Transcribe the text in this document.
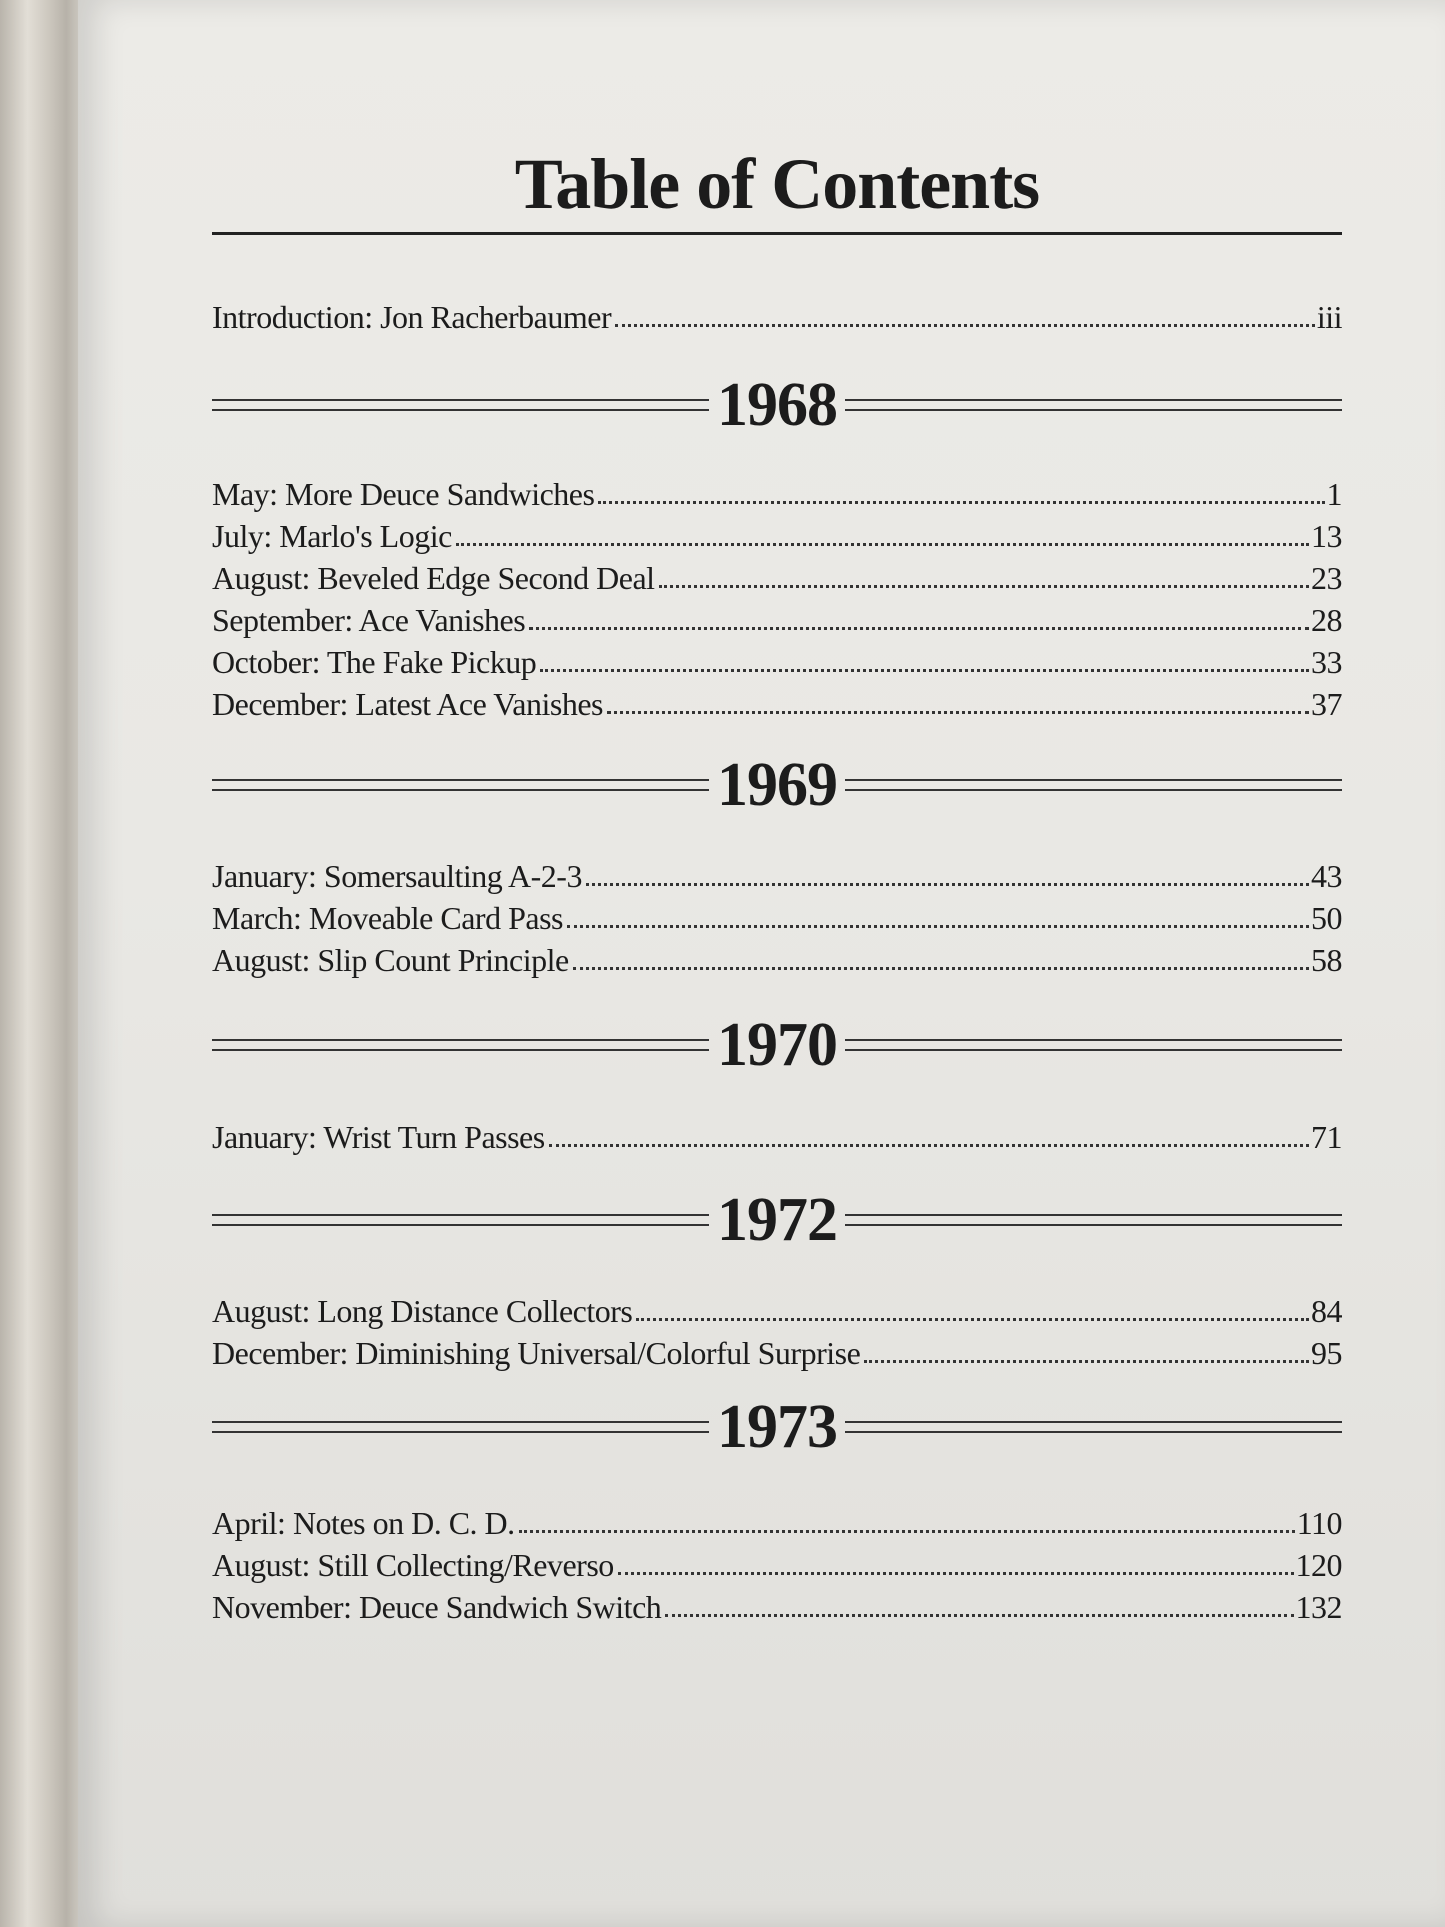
Table of Contents
Introduction: Jon Racherbaumer	iii
1968
May: More Deuce Sandwiches	1
July: Marlo's Logic	13
August: Beveled Edge Second Deal	23
September: Ace Vanishes	28
October: The Fake Pickup	33
December: Latest Ace Vanishes	37
1969
January: Somersaulting A-2-3	43
March: Moveable Card Pass	50
August: Slip Count Principle	58
1970
January: Wrist Turn Passes	71
1972
August: Long Distance Collectors	84
December: Diminishing Universal/Colorful Surprise	95
1973
April: Notes on D. C. D.	110
August: Still Collecting/Reverso	120
November: Deuce Sandwich Switch	132
